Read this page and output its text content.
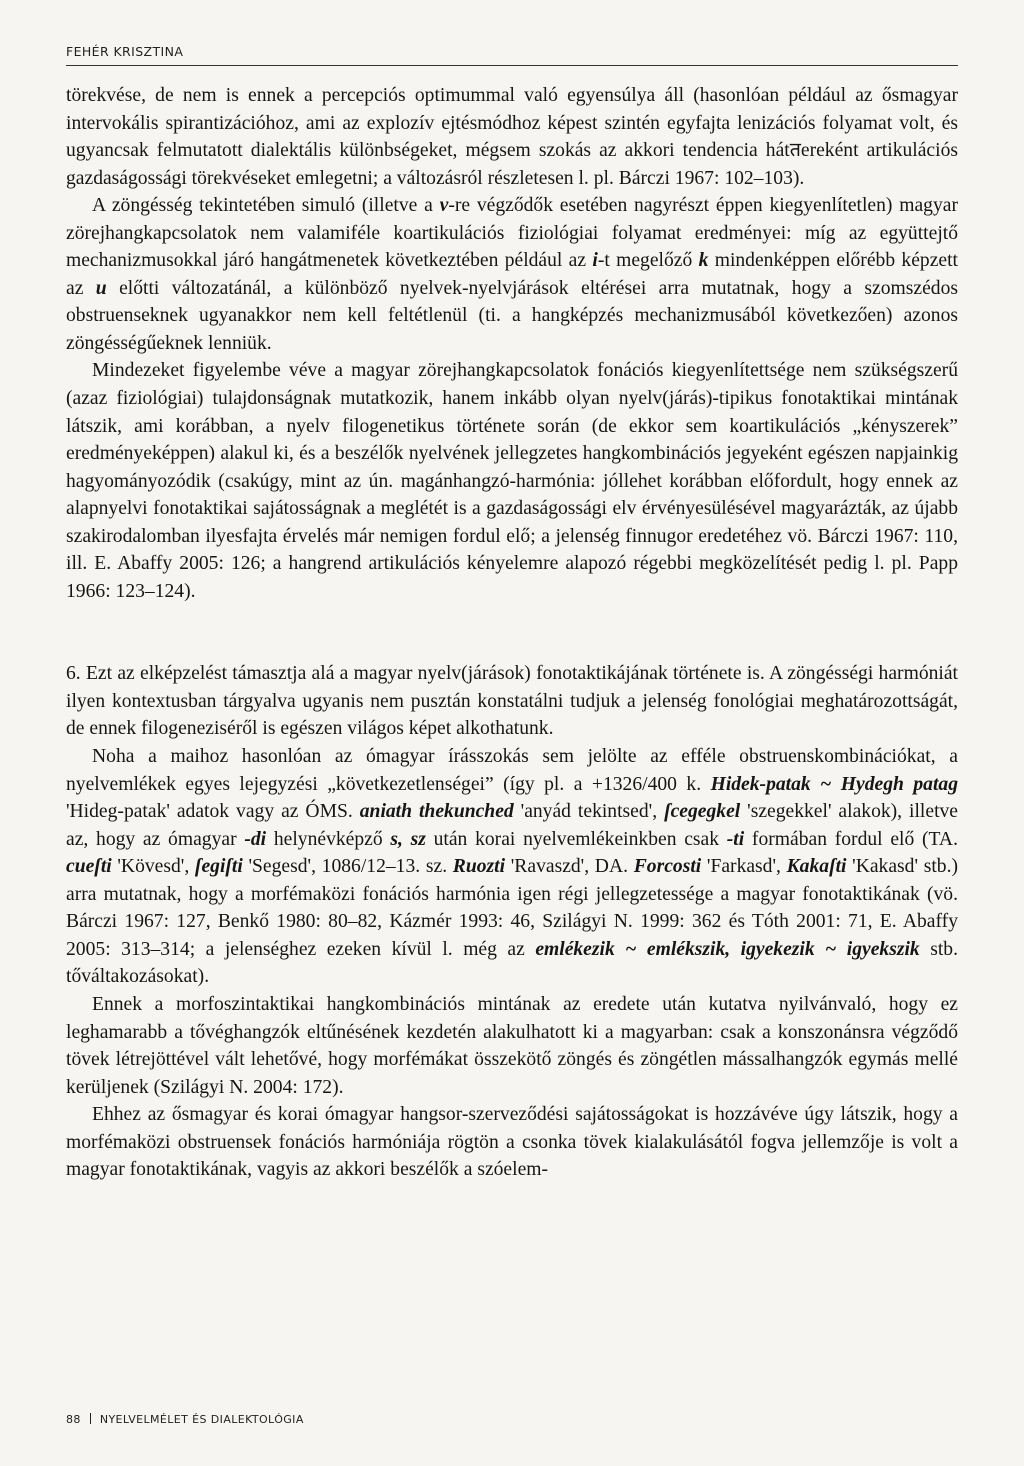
FEHÉR KRISZTINA

törekvése, de nem is ennek a percepciós optimummal való egyensúlya áll (hasonlóan például az ősmagyar intervokális spirantizációhoz, ami az explozív ejtésmódhoz képest szintén egyfajta lenizációs folyamat volt, és ugyancsak felmutatott dialektális különbségeket, mégsem szokás az akkori tendencia hátतereként artikulációs gazdaságossági törekvéseket emlegetni; a változásról részletesen l. pl. Bárczi 1967: 102–103).

A zöngésség tekintetében simuló (illetve a v-re végződők esetében nagyrészt éppen kiegyenlítetlen) magyar zörejhangkapcsolatok nem valamiféle koartikulációs fiziológiai folyamat eredményei: míg az együttejtő mechanizmusokkal járó hangátmenetek következtében például az i-t megelőző k mindenképpen előrébb képzett az u előtti változatánál, a különböző nyelvek-nyelvjárások eltérései arra mutatnak, hogy a szomszédos obstruenseknek ugyanakkor nem kell feltétlenül (ti. a hangképzés mechanizmusából következően) azonos zöngésségűeknek lenniük.

Mindezeket figyelembe véve a magyar zörejhangkapcsolatok fonációs kiegyenlítettsége nem szükségszerű (azaz fiziológiai) tulajdonságnak mutatkozik, hanem inkább olyan nyelv(járás)-tipikus fonotaktikai mintának látszik, ami korábban, a nyelv filogenetikus története során (de ekkor sem koartikulációs „kényszerek” eredményeképpen) alakul ki, és a beszélők nyelvének jellegzetes hangkombinációs jegyeként egészen napjainkig hagyományozódik (csakúgy, mint az ún. magánhangzó-harmónia: jóllehet korábban előfordult, hogy ennek az alapnyelvi fonotaktikai sajátosságnak a meglétét is a gazdaságossági elv érvényesülésével magyarázták, az újabb szakirodalomban ilyesfajta érvelés már nemigen fordul elő; a jelenség finnugor eredetéhez vö. Bárczi 1967: 110, ill. E. Abaffy 2005: 126; a hangrend artikulációs kényelemre alapozó régebbi megközelítését pedig l. pl. Papp 1966: 123–124).

6. Ezt az elképzelést támasztja alá a magyar nyelv(járások) fonotaktikájának története is. A zöngésségi harmóniát ilyen kontextusban tárgyalva ugyanis nem pusztán konstatálni tudjuk a jelenség fonológiai meghatározottságát, de ennek filogeneziséről is egészen világos képet alkothatunk.

Noha a maihoz hasonlóan az ómagyar írásszokás sem jelölte az efféle obstruenskombinációkat, a nyelvemlékek egyes lejegyzési „következetlenségei” (így pl. a +1326/400 k. Hidek-patak ~ Hydegh patag 'Hideg-patak' adatok vagy az ÓMS. aniath thekunched 'anyád tekintsed', ſcegegkel 'szegekkel' alakok), illetve az, hogy az ómagyar -di helynévképző s, sz után korai nyelvemlékeinkben csak -ti formában fordul elő (TA. cueſti 'Kövesd', ſegiſti 'Segesd', 1086/12–13. sz. Ruozti 'Ravaszd', DA. Forcosti 'Farkasd', Kakaſti 'Kakasd' stb.) arra mutatnak, hogy a morfémaközi fonációs harmónia igen régi jellegzetessége a magyar fonotaktikának (vö. Bárczi 1967: 127, Benkő 1980: 80–82, Kázmér 1993: 46, Szilágyi N. 1999: 362 és Tóth 2001: 71, E. Abaffy 2005: 313–314; a jelenséghez ezeken kívül l. még az emlékezik ~ emlékszik, igyekezik ~ igyekszik stb. tőváltakozásokat).

Ennek a morfoszintaktikai hangkombinációs mintának az eredete után kutatva nyilvánvaló, hogy ez leghamarabb a tővéghangzók eltűnésének kezdetén alakulhatott ki a magyarban: csak a konszonánsra végződő tövek létrejöttével vált lehetővé, hogy morfémákat összekötő zöngés és zöngétlen mássalhangzók egymás mellé kerüljenek (Szilágyi N. 2004: 172).

Ehhez az ősmagyar és korai ómagyar hangsor-szerveződési sajátosságokat is hozzávéve úgy látszik, hogy a morfémaközi obstruensek fonációs harmóniája rögtön a csonka tövek kialakulásától fogva jellemzője is volt a magyar fonotaktikának, vagyis az akkori beszélők a szóelem-

88 NYELVELMÉLET ÉS DIALEKTOLÓGIA
